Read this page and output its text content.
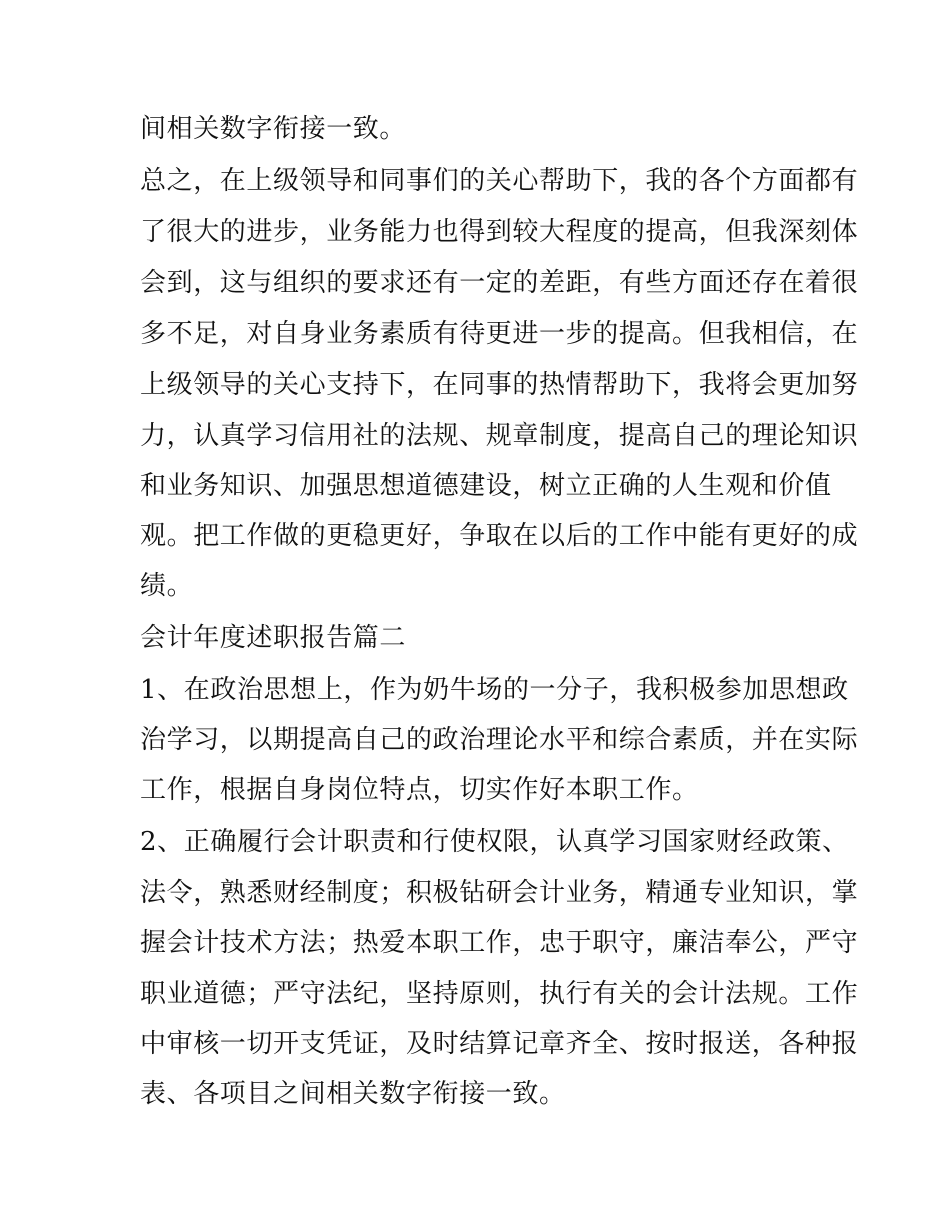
间相关数字衔接一致。
总之，在上级领导和同事们的关心帮助下，我的各个方面都有
了很大的进步，业务能力也得到较大程度的提高，但我深刻体
会到，这与组织的要求还有一定的差距，有些方面还存在着很
多不足，对自身业务素质有待更进一步的提高。但我相信，在
上级领导的关心支持下，在同事的热情帮助下，我将会更加努
力，认真学习信用社的法规、规章制度，提高自己的理论知识
和业务知识、加强思想道德建设，树立正确的人生观和价值
观。把工作做的更稳更好，争取在以后的工作中能有更好的成
绩。
会计年度述职报告篇二
1、在政治思想上，作为奶牛场的一分子，我积极参加思想政
治学习，以期提高自己的政治理论水平和综合素质，并在实际
工作，根据自身岗位特点，切实作好本职工作。
2、正确履行会计职责和行使权限，认真学习国家财经政策、
法令，熟悉财经制度；积极钻研会计业务，精通专业知识，掌
握会计技术方法；热爱本职工作，忠于职守，廉洁奉公，严守
职业道德；严守法纪，坚持原则，执行有关的会计法规。工作
中审核一切开支凭证，及时结算记章齐全、按时报送，各种报
表、各项目之间相关数字衔接一致。
